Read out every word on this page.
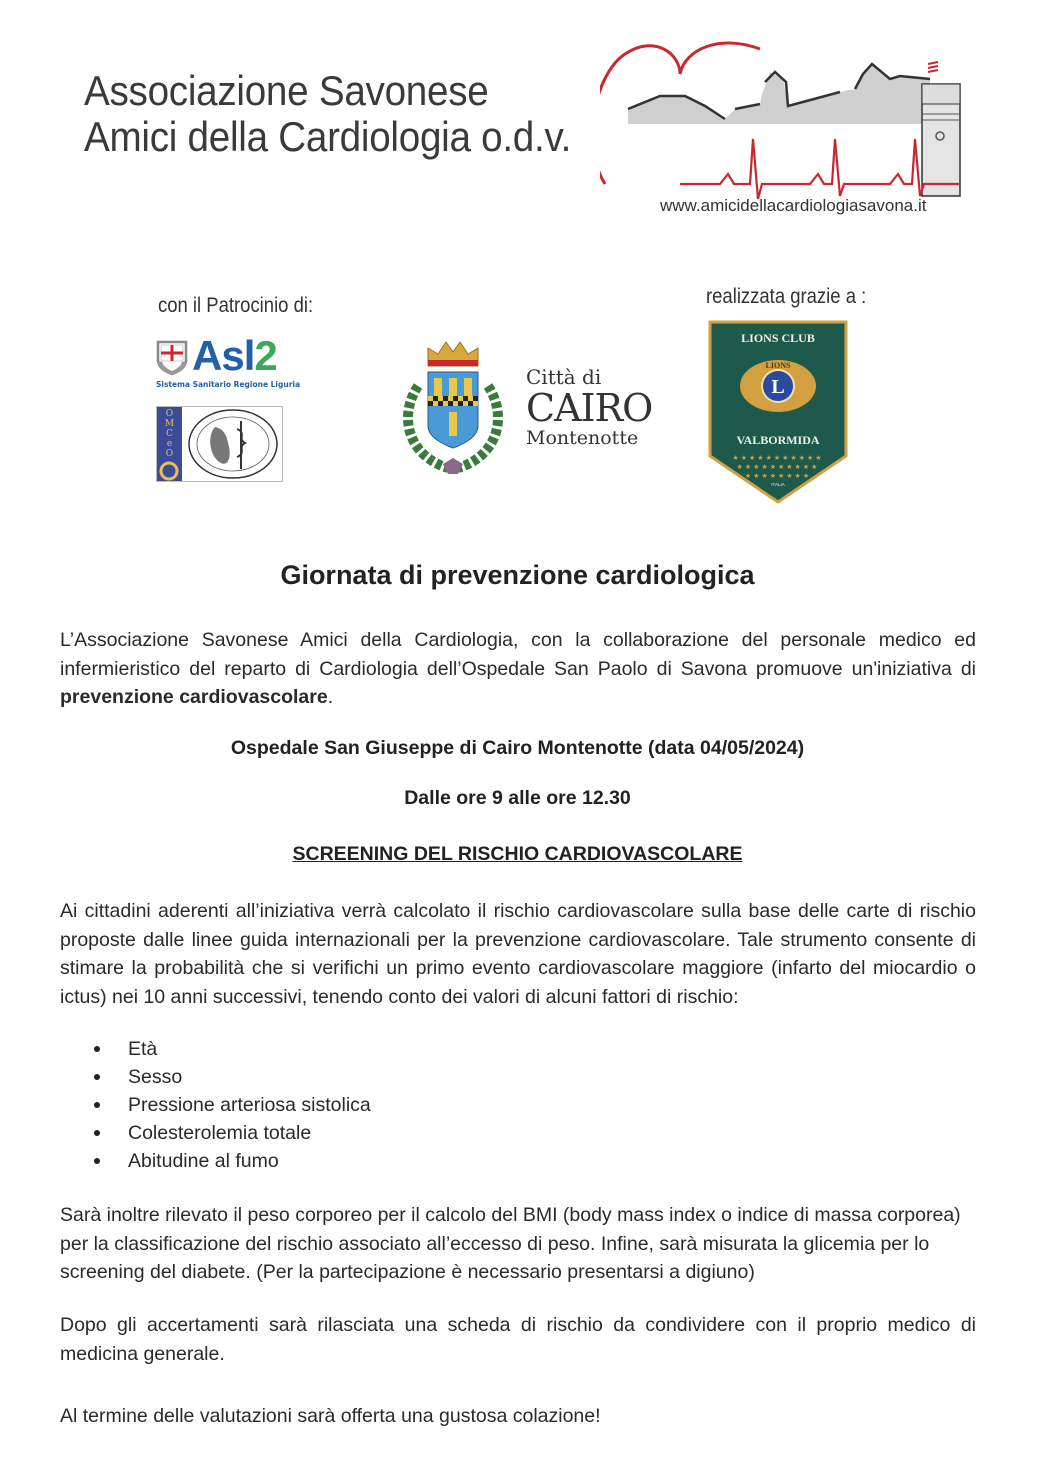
Associazione Savonese
Amici della Cardiologia o.d.v.
www.amicidellacardiologiasavona.it
con il Patrocinio di:	realizzata grazie a :
Asl2
Sistema Sanitario Regione Liguria
O
M
C
e
O
Città di
CAIRO
Montenotte
LIONS CLUB
L
LIONS
VALBORMIDA
★★★★★★★★★★★
★★★★★★★★★★
★★★★★★★★
ITALIA
Giornata di prevenzione cardiologica

L’Associazione Savonese Amici della Cardiologia, con la collaborazione del personale medico ed infermieristico del reparto di Cardiologia dell’Ospedale San Paolo di Savona promuove un'iniziativa di prevenzione cardiovascolare.

Ospedale San Giuseppe di Cairo Montenotte (data 04/05/2024)
Dalle ore 9 alle ore 12.30
SCREENING DEL RISCHIO CARDIOVASCOLARE

Ai cittadini aderenti all’iniziativa verrà calcolato il rischio cardiovascolare sulla base delle carte di rischio proposte dalle linee guida internazionali per la prevenzione cardiovascolare. Tale strumento consente di stimare la probabilità che si verifichi un primo evento cardiovascolare maggiore (infarto del miocardio o ictus) nei 10 anni successivi, tenendo conto dei valori di alcuni fattori di rischio:

Età
Sesso
Pressione arteriosa sistolica
Colesterolemia totale
Abitudine al fumo

Sarà inoltre rilevato il peso corporeo per il calcolo del BMI (body mass index o indice di massa corporea) per la classificazione del rischio associato all’eccesso di peso. Infine, sarà misurata la glicemia per lo screening del diabete. (Per la partecipazione è necessario presentarsi a digiuno)

Dopo gli accertamenti sarà rilasciata una scheda di rischio da condividere con il proprio medico di medicina generale.

Al termine delle valutazioni sarà offerta una gustosa colazione!
